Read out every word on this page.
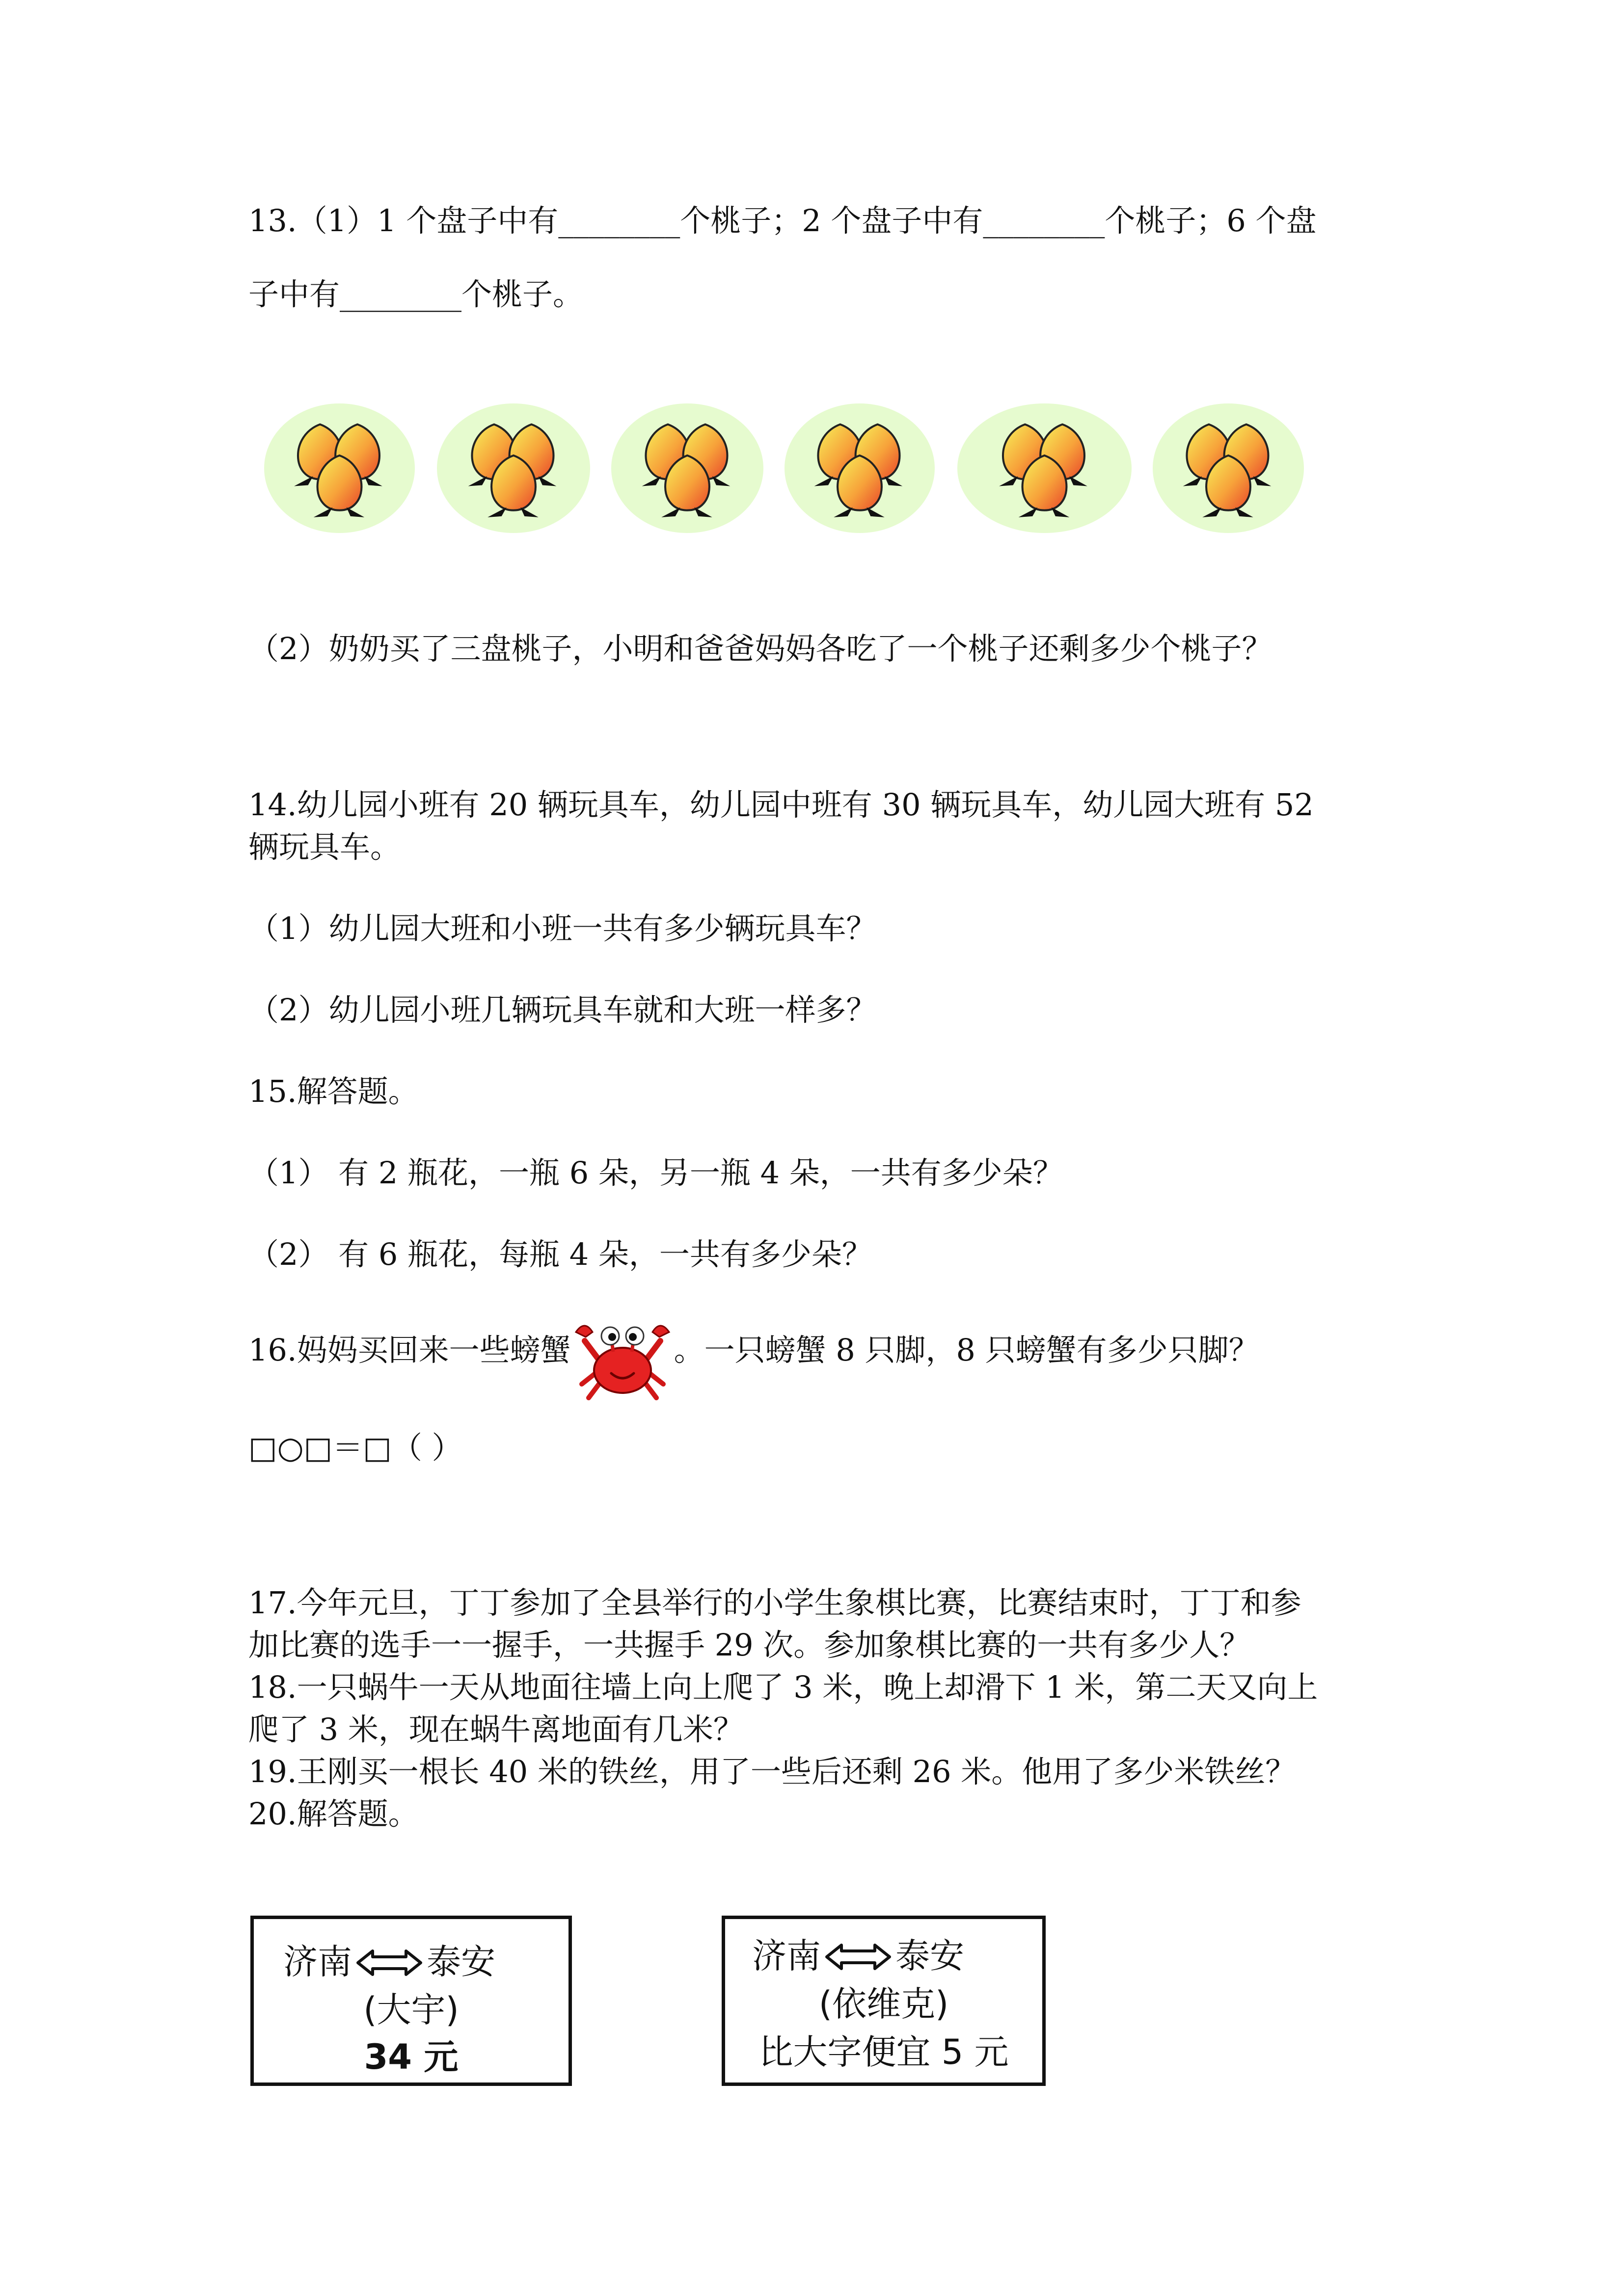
13.（1）1 个盘子中有________个桃子；2 个盘子中有________个桃子；6 个盘
子中有________个桃子。
（2）奶奶买了三盘桃子，小明和爸爸妈妈各吃了一个桃子还剩多少个桃子？
14.幼儿园小班有 20 辆玩具车，幼儿园中班有 30 辆玩具车，幼儿园大班有 52
辆玩具车。
（1）幼儿园大班和小班一共有多少辆玩具车？
（2）幼儿园小班几辆玩具车就和大班一样多？
15.解答题。
（1） 有 2 瓶花，一瓶 6 朵，另一瓶 4 朵，一共有多少朵？
（2） 有 6 瓶花，每瓶 4 朵，一共有多少朵？
16.妈妈买回来一些螃蟹	。一只螃蟹 8 只脚，8 只螃蟹有多少只脚？
□○□＝□（ ）
17.今年元旦，丁丁参加了全县举行的小学生象棋比赛，比赛结束时，丁丁和参
加比赛的选手一一握手，一共握手 29 次。参加象棋比赛的一共有多少人？
18.一只蜗牛一天从地面往墙上向上爬了 3 米，晚上却滑下 1 米，第二天又向上
爬了 3 米，现在蜗牛离地面有几米？
19.王刚买一根长 40 米的铁丝，用了一些后还剩 26 米。他用了多少米铁丝？
20.解答题。
济南 泰安
(大宇)
34 元
济南 泰安
(依维克)
比大字便宜 5 元
